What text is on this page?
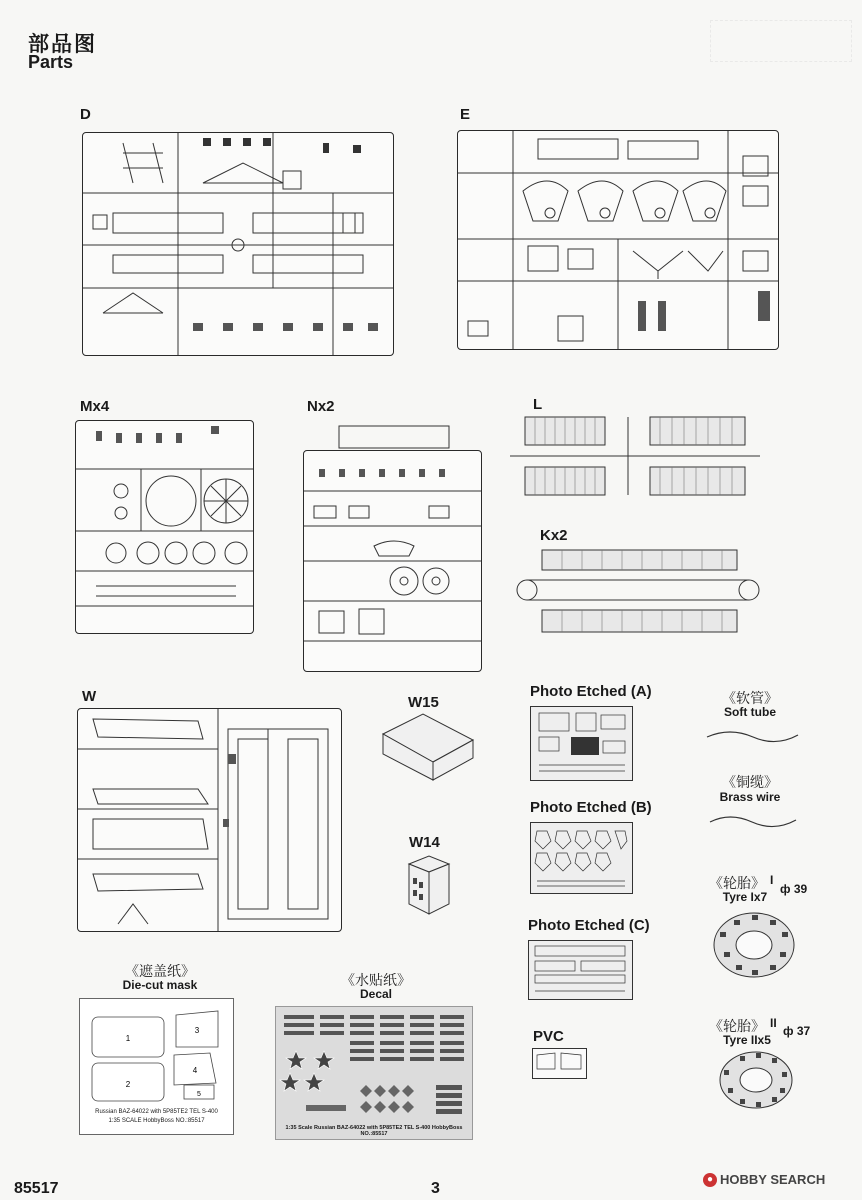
部品图
Parts
D	E
Mx4	Nx2	L
Kx2
W	W15
W14
Photo Etched (A)
Photo Etched (B)
Photo Etched (C)
PVC
《软管》
Soft tube
《铜缆》
Brass wire
《轮胎》 I
ф 39
Tyre Ix7
《轮胎》 II
ф 37
Tyre IIx5
《遮盖纸》
Die-cut mask
1
2
3
4
5
Russian BAZ-64022 with 5P85TE2 TEL S-400
1:35 SCALE HobbyBoss NO.:85517
《水贴纸》
Decal
1:35 Scale Russian BAZ-64022 with 5P85TE2 TEL S-400 HobbyBoss NO.:85517
85517	3
● HOBBY SEARCH
